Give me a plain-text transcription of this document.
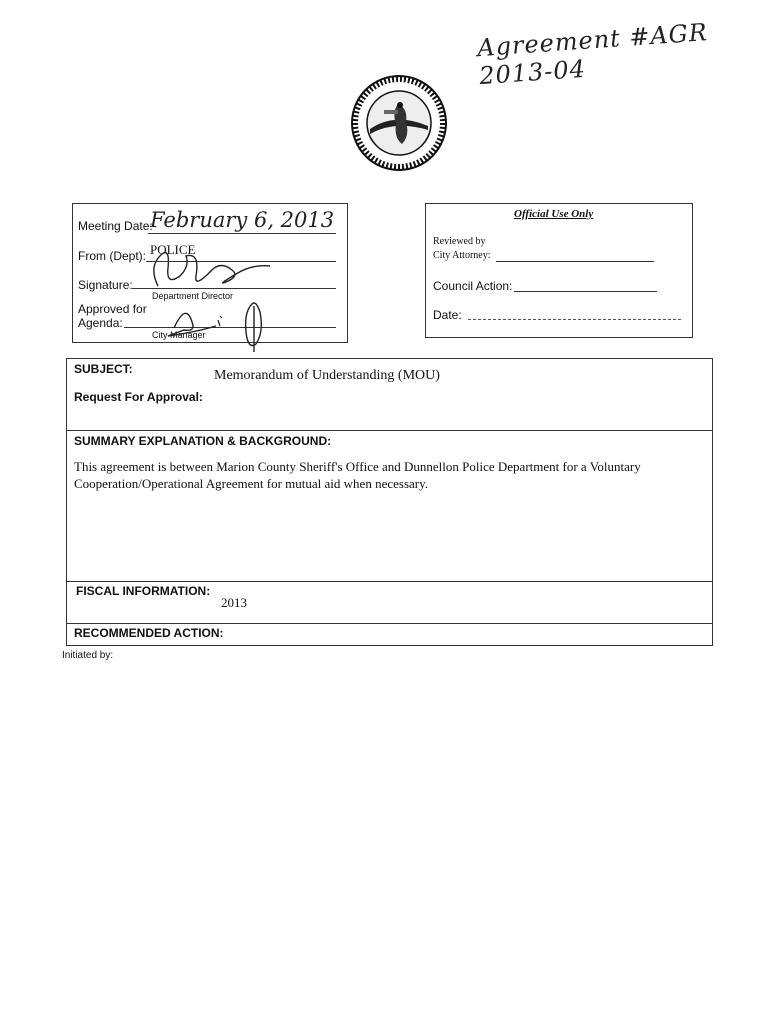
Agreement #AGR 2013-04
Meeting Date:
February 6, 2013
From (Dept): POLICE
Signature:
Department Director
Approved for
Agenda:
City Manager
Official Use Only
Reviewed by
City Attorney:
Council Action:
Date:
SUBJECT:	Memorandum of Understanding (MOU)
Request For Approval:
SUMMARY EXPLANATION & BACKGROUND:
This agreement is between Marion County Sheriff's Office and Dunnellon Police Department for a Voluntary
Cooperation/Operational Agreement for mutual aid when necessary.
FISCAL INFORMATION:
2013
RECOMMENDED ACTION:
Initiated by:
